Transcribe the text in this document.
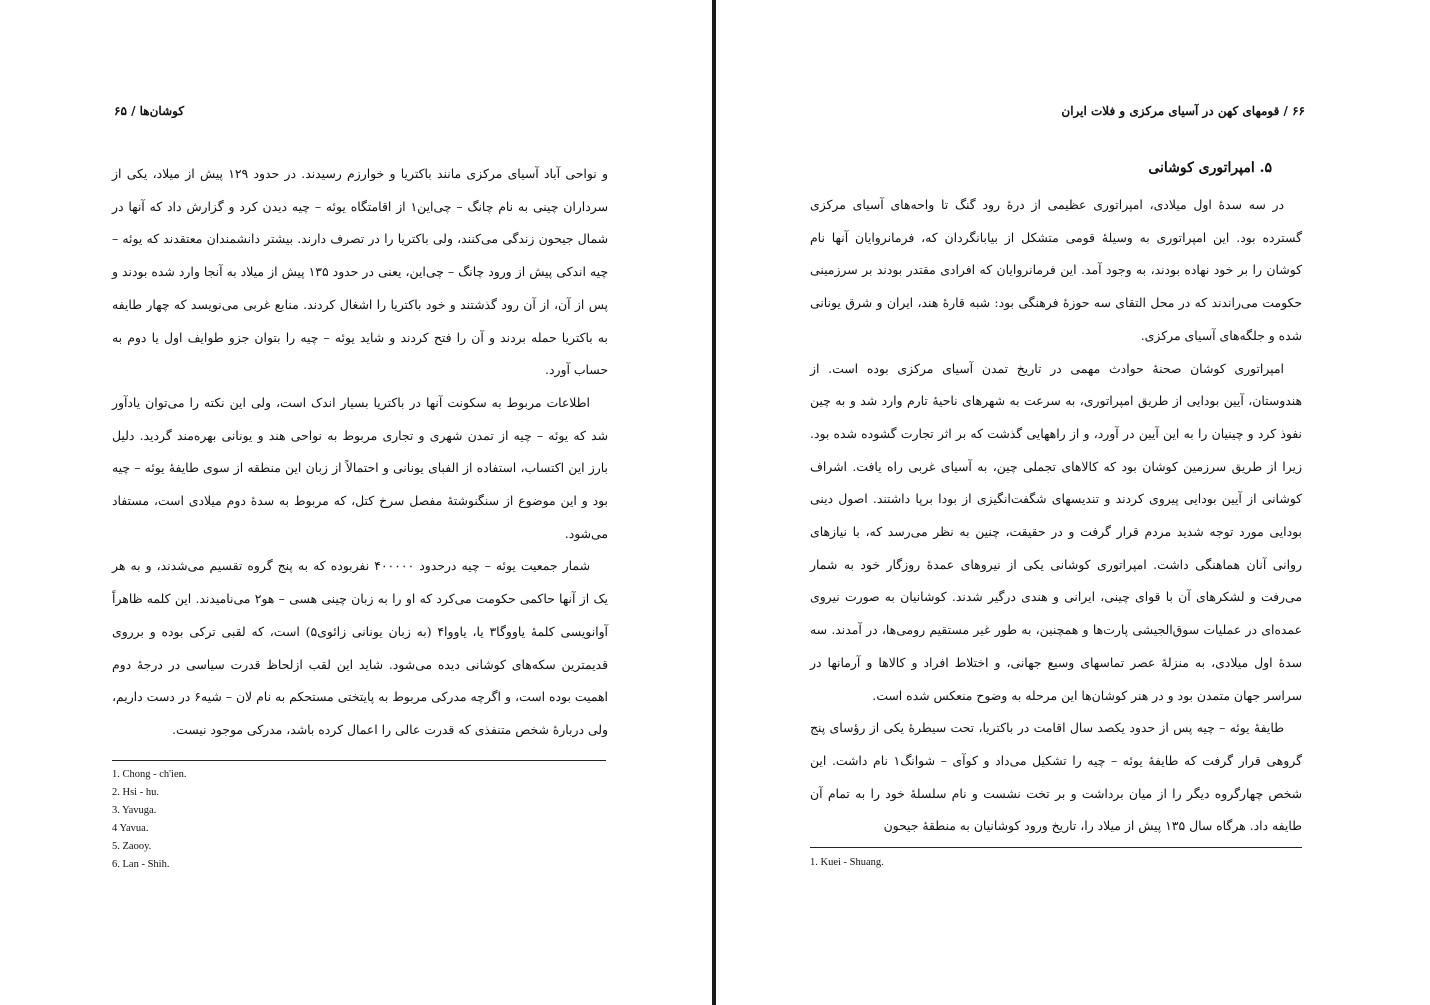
کوشان‌ها / ۶۵

و نواحی آباد آسیای مرکزی مانند باکتریا و خوارزم رسیدند. در حدود ۱۲۹ پیش از میلاد، یکی از سرداران چینی به نام چانگ – چی‌این۱ از اقامتگاه یوئه – چیه دیدن کرد و گزارش داد که آنها در شمال جیحون زندگی می‌کنند، ولی باکتریا را در تصرف دارند. بیشتر دانشمندان معتقدند که یوئه – چیه اندکی پیش از ورود چانگ – چی‌این، یعنی در حدود ۱۳۵ پیش از میلاد به آنجا وارد شده بودند و پس از آن، از آن رود گذشتند و خود باکتریا را اشغال کردند. منابع غربی می‌نویسد که چهار طایفه به باکتریا حمله بردند و آن را فتح کردند و شاید یوئه – چیه را بتوان جزو طوایف اول یا دوم به حساب آورد.

اطلاعات مربوط به سکونت آنها در باکتریا بسیار اندک است، ولی این نکته را می‌توان یادآور شد که یوئه – چیه از تمدن شهری و تجاری مربوط به نواحی هند و یونانی بهره‌مند گردید. دلیل بارز این اکتساب، استفاده از الفبای یونانی و احتمالاً از زبان این منطقه از سوی طایفهٔ یوئه – چیه بود و این موضوع از سنگنوشتهٔ مفصل سرخ کتل، که مربوط به سدهٔ دوم میلادی است، مستفاد می‌شود.

شمار جمعیت یوئه – چیه درحدود ۴۰۰۰۰۰ نفربوده که به پنج گروه تقسیم می‌شدند، و به هر یک از آنها حاکمی حکومت می‌کرد که او را به زبان چینی هسی – هو۲ می‌نامیدند. این کلمه ظاهراً آوانویسی کلمهٔ یاووگا۳ یا، یاووا۴ (به زبان یونانی زائوی۵) است، که لقبی ترکی بوده و برروی قدیمترین سکه‌های کوشانی دیده می‌شود. شاید این لقب ازلحاظ قدرت سیاسی در درجهٔ دوم اهمیت بوده است، و اگرچه مدرکی مربوط به پایتختی مستحکم به نام لان – شیه۶ در دست داریم، ولی دربارهٔ شخص متنفذی که قدرت عالی را اعمال کرده باشد، مدرکی موجود نیست.

1. Chong - ch'ien.
2. Hsi - hu.
3. Yavuga.
4 Yavua.
5. Zaooy.
6. Lan - Shih.
۶۶ / قومهای کهن در آسیای مرکزی و فلات ایران
۵. امپراتوری کوشانی

در سه سدهٔ اول میلادی، امپراتوری عظیمی از درهٔ رود گنگ تا واحه‌های آسیای مرکزی گسترده بود. این امپراتوری به وسیلهٔ قومی متشکل از بیابانگردان که، فرمانروایان آنها نام کوشان را بر خود نهاده بودند، به وجود آمد. این فرمانروایان که افرادی مقتدر بودند بر سرزمینی حکومت می‌راندند که در محل التقای سه حوزهٔ فرهنگی بود: شبه قارهٔ هند، ایران و شرق یونانی شده و جلگه‌های آسیای مرکزی.

امپراتوری کوشان صحنهٔ حوادث مهمی در تاریخ تمدن آسیای مرکزی بوده است. از هندوستان، آیین بودایی از طریق امپراتوری، به سرعت به شهرهای ناحیهٔ تارم وارد شد و به چین نفوذ کرد و چینیان را به این آیین در آورد، و از راههایی گذشت که بر اثر تجارت گشوده شده بود. زیرا از طریق سرزمین کوشان بود که کالاهای تجملی چین، به آسیای غربی راه یافت. اشراف کوشانی از آیین بودایی پیروی کردند و تندیسهای شگفت‌انگیزی از بودا برپا داشتند. اصول دینی بودایی مورد توجه شدید مردم قرار گرفت و در حقیقت، چنین به نظر می‌رسد که، با نیازهای روانی آنان هماهنگی داشت. امپراتوری کوشانی یکی از نیروهای عمدهٔ روزگار خود به شمار می‌رفت و لشکرهای آن با قوای چینی، ایرانی و هندی درگیر شدند. کوشانیان به صورت نیروی عمده‌ای در عملیات سوق‌الجیشی پارت‌ها و همچنین، به طور غیر مستقیم رومی‌ها، در آمدند. سه سدهٔ اول میلادی، به منزلهٔ عصر تماسهای وسیع جهانی، و اختلاط افراد و کالاها و آرمانها در سراسر جهان متمدن بود و در هنر کوشان‌ها این مرحله به وضوح منعکس شده است.

طایفهٔ یوئه – چیه پس از حدود یکصد سال اقامت در باکتریا، تحت سیطرهٔ یکی از رؤسای پنج گروهی قرار گرفت که طایفهٔ یوئه – چیه را تشکیل می‌داد و کوآی – شوانگ۱ نام داشت. این شخص چهارگروه دیگر را از میان برداشت و بر تخت نشست و نام سلسلهٔ خود را به تمام آن طایفه داد. هرگاه سال ۱۳۵ پیش از میلاد را، تاریخ ورود کوشانیان به منطقهٔ جیحون

1. Kuei - Shuang.
